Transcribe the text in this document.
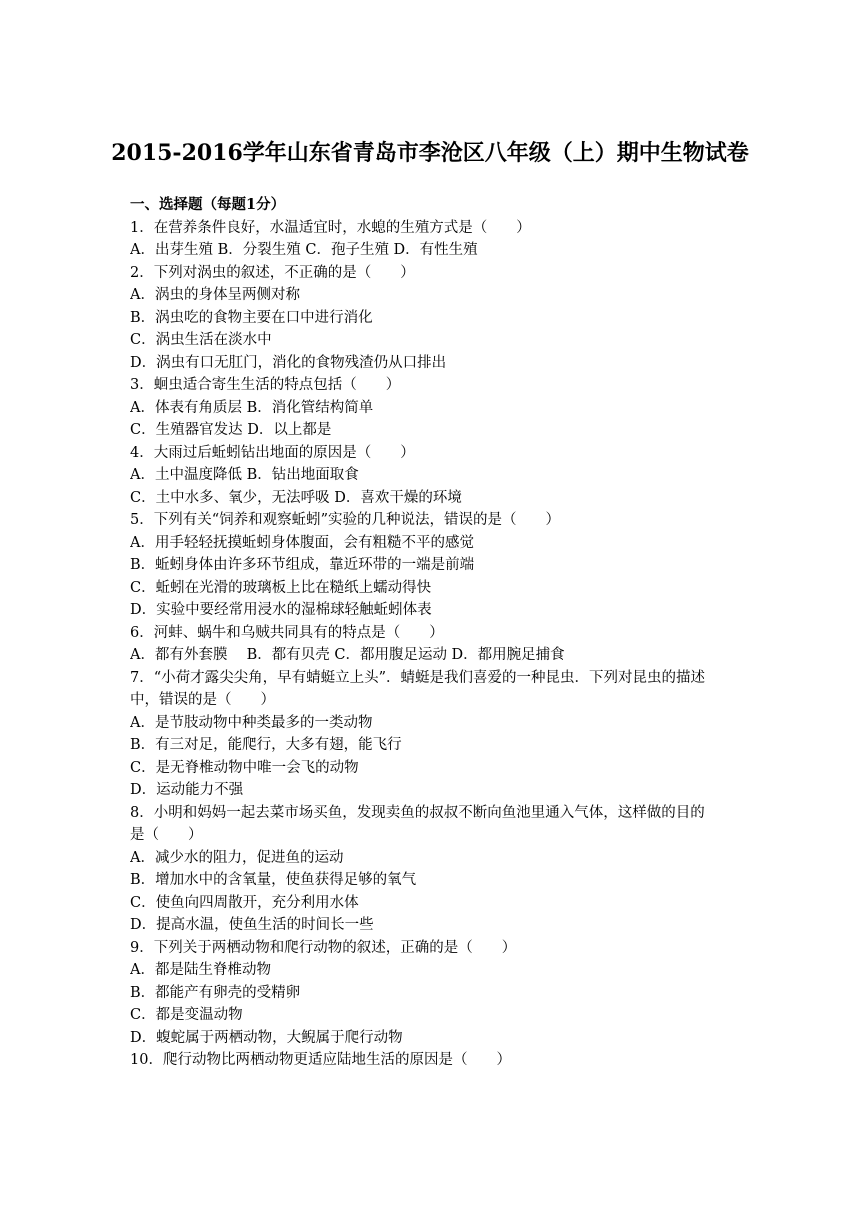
2015-2016学年山东省青岛市李沧区八年级（上）期中生物试卷
一、选择题（每题1分）
1．在营养条件良好，水温适宜时，水螅的生殖方式是（　　）
A．出芽生殖 B．分裂生殖 C．孢子生殖 D．有性生殖
2．下列对涡虫的叙述，不正确的是（　　）
A．涡虫的身体呈两侧对称
B．涡虫吃的食物主要在口中进行消化
C．涡虫生活在淡水中
D．涡虫有口无肛门，消化的食物残渣仍从口排出
3．蛔虫适合寄生生活的特点包括（　　）
A．体表有角质层 B．消化管结构简单
C．生殖器官发达 D．以上都是
4．大雨过后蚯蚓钻出地面的原因是（　　）
A．土中温度降低 B．钻出地面取食
C．土中水多、氧少，无法呼吸 D．喜欢干燥的环境
5．下列有关“饲养和观察蚯蚓”实验的几种说法，错误的是（　　）
A．用手轻轻抚摸蚯蚓身体腹面，会有粗糙不平的感觉
B．蚯蚓身体由许多环节组成，靠近环带的一端是前端
C．蚯蚓在光滑的玻璃板上比在糙纸上蠕动得快
D．实验中要经常用浸水的湿棉球轻触蚯蚓体表
6．河蚌、蜗牛和乌贼共同具有的特点是（　　）
A．都有外套膜　 B．都有贝壳 C．都用腹足运动 D．都用腕足捕食
7．“小荷才露尖尖角，早有蜻蜓立上头”．蜻蜓是我们喜爱的一种昆虫．下列对昆虫的描述
中，错误的是（　　）
A．是节肢动物中种类最多的一类动物
B．有三对足，能爬行，大多有翅，能飞行
C．是无脊椎动物中唯一会飞的动物
D．运动能力不强
8．小明和妈妈一起去菜市场买鱼，发现卖鱼的叔叔不断向鱼池里通入气体，这样做的目的
是（　　）
A．减少水的阻力，促进鱼的运动
B．增加水中的含氧量，使鱼获得足够的氧气
C．使鱼向四周散开，充分利用水体
D．提高水温，使鱼生活的时间长一些
9．下列关于两栖动物和爬行动物的叙述，正确的是（　　）
A．都是陆生脊椎动物
B．都能产有卵壳的受精卵
C．都是变温动物
D．蝮蛇属于两栖动物，大鲵属于爬行动物
10．爬行动物比两栖动物更适应陆地生活的原因是（　　）
